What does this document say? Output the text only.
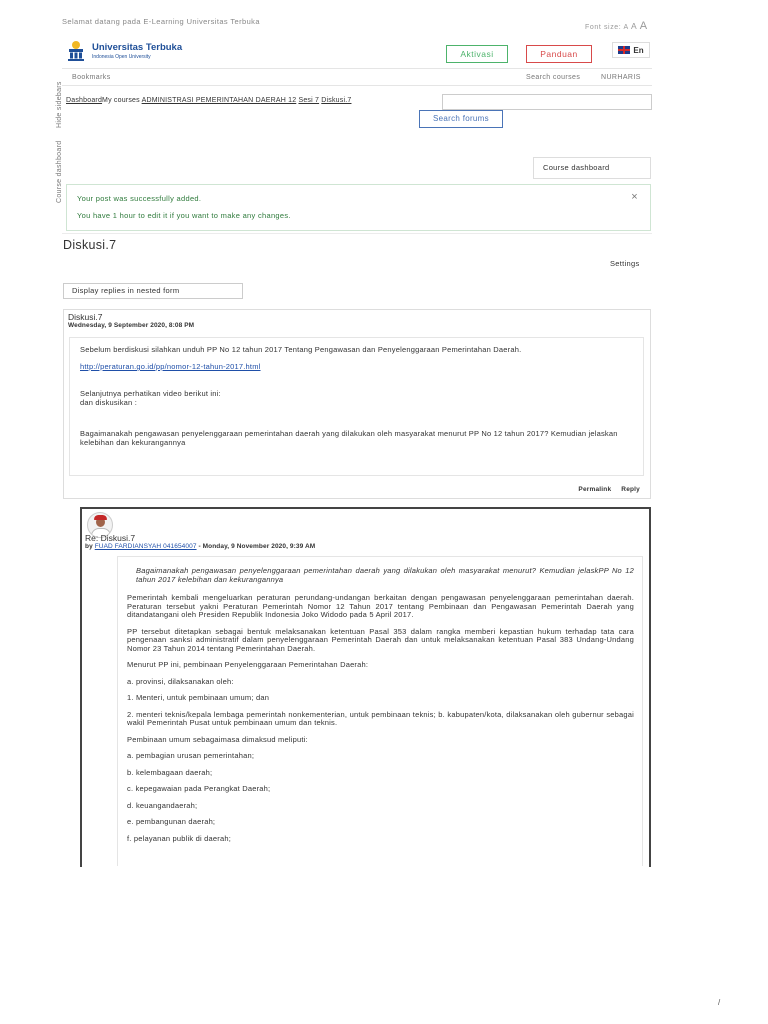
Selamat datang pada E-Learning Universitas Terbuka
Font size: A A A
Universitas Terbuka
Indonesia Open University	Aktivasi	Panduan	En
Bookmarks	Search courses	NURHARIS
Hide sidebars
Course dashboard
DashboardMy courses ADMINISTRASI PEMERINTAHAN DAERAH 12 Sesi 7 Diskusi.7
Search forums
Course dashboard
Your post was successfully added.
You have 1 hour to edit it if you want to make any changes.
×
Diskusi.7
Settings
Display replies in nested form
Diskusi.7
Wednesday, 9 September 2020, 8:08 PM

Sebelum berdiskusi silahkan unduh PP No 12 tahun 2017 Tentang Pengawasan dan Penyelenggaraan Pemerintahan Daerah.

http://peraturan.go.id/pp/nomor-12-tahun-2017.html

Selanjutnya perhatikan video berikut ini:

dan diskusikan :

Bagaimanakah pengawasan penyelenggaraan pemerintahan daerah yang dilakukan oleh masyarakat menurut PP No 12 tahun 2017? Kemudian jelaskan kelebihan dan kekurangannya

Permalink Reply
Re: Diskusi.7
by FUAD FARDIANSYAH 041654007 - Monday, 9 November 2020, 9:39 AM

Bagaimanakah pengawasan penyelenggaraan pemerintahan daerah yang dilakukan oleh masyarakat menurut? Kemudian jelaskPP No 12 tahun 2017 kelebihan dan kekurangannya

Pemerintah kembali mengeluarkan peraturan perundang-undangan berkaitan dengan pengawasan penyelenggaraan pemerintahan daerah. Peraturan tersebut yakni Peraturan Pemerintah Nomor 12 Tahun 2017 tentang Pembinaan dan Pengawasan Pemerintah Daerah yang ditandatangani oleh Presiden Republik Indonesia Joko Widodo pada 5 April 2017.

PP tersebut ditetapkan sebagai bentuk melaksanakan ketentuan Pasal 353 dalam rangka memberi kepastian hukum terhadap tata cara pengenaan sanksi administratif dalam penyelenggaraan Pemerintah Daerah dan untuk melaksanakan ketentuan Pasal 383 Undang-Undang Nomor 23 Tahun 2014 tentang Pemerintahan Daerah.

Menurut PP ini, pembinaan Penyelenggaraan Pemerintahan Daerah:

a. provinsi, dilaksanakan oleh:

1. Menteri, untuk pembinaan umum; dan

2. menteri teknis/kepala lembaga pemerintah nonkementerian, untuk pembinaan teknis; b. kabupaten/kota, dilaksanakan oleh gubernur sebagai wakil Pemerintah Pusat untuk pembinaan umum dan teknis.

Pembinaan umum sebagaimasa dimaksud meliputi:

a. pembagian urusan pemerintahan;

b. kelembagaan daerah;

c. kepegawaian pada Perangkat Daerah;

d. keuangandaerah;

e. pembangunan daerah;

f. pelayanan publik di daerah;

/
